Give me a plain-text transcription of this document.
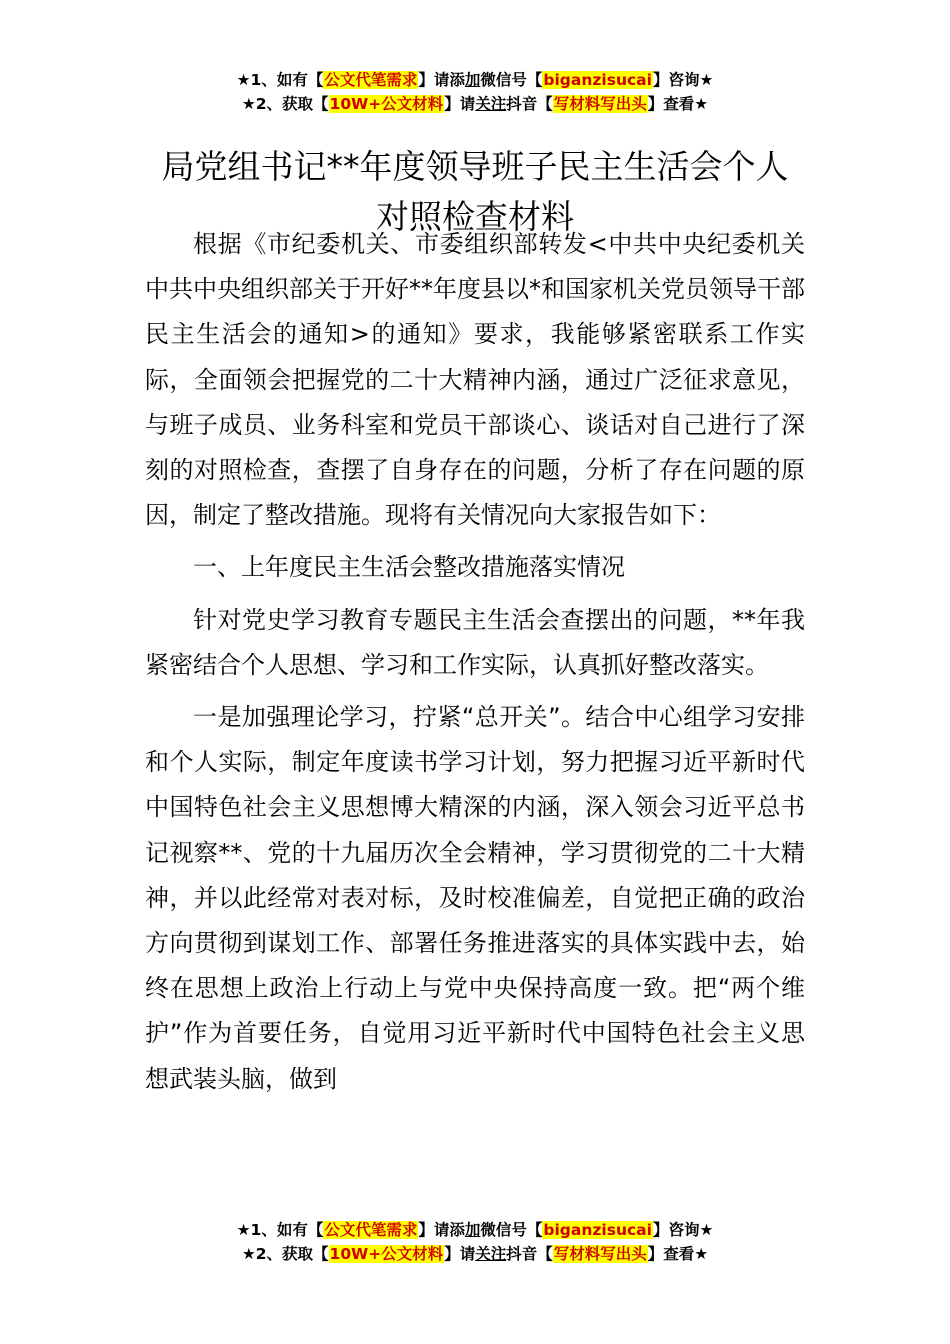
★1、如有【公文代笔需求】请添加微信号【biganzisucai】咨询★
★2、获取【10W+公文材料】请关注抖音【写材料写出头】查看★
局党组书记**年度领导班子民主生活会个人
对照检查材料

根据《市纪委机关、市委组织部转发<中共中央纪委机关中共中央组织部关于开好**年度县以*和国家机关党员领导干部民主生活会的通知>的通知》要求，我能够紧密联系工作实际，全面领会把握党的二十大精神内涵，通过广泛征求意见，与班子成员、业务科室和党员干部谈心、谈话对自己进行了深刻的对照检查，查摆了自身存在的问题，分析了存在问题的原因，制定了整改措施。现将有关情况向大家报告如下：

一、上年度民主生活会整改措施落实情况

针对党史学习教育专题民主生活会查摆出的问题，**年我紧密结合个人思想、学习和工作实际，认真抓好整改落实。

一是加强理论学习，拧紧“总开关”。结合中心组学习安排和个人实际，制定年度读书学习计划，努力把握习近平新时代中国特色社会主义思想博大精深的内涵，深入领会习近平总书记视察**、党的十九届历次全会精神，学习贯彻党的二十大精神，并以此经常对表对标，及时校准偏差，自觉把正确的政治方向贯彻到谋划工作、部署任务推进落实的具体实践中去，始终在思想上政治上行动上与党中央保持高度一致。把“两个维护”作为首要任务，自觉用习近平新时代中国特色社会主义思想武装头脑，做到

★1、如有【公文代笔需求】请添加微信号【biganzisucai】咨询★
★2、获取【10W+公文材料】请关注抖音【写材料写出头】查看★
